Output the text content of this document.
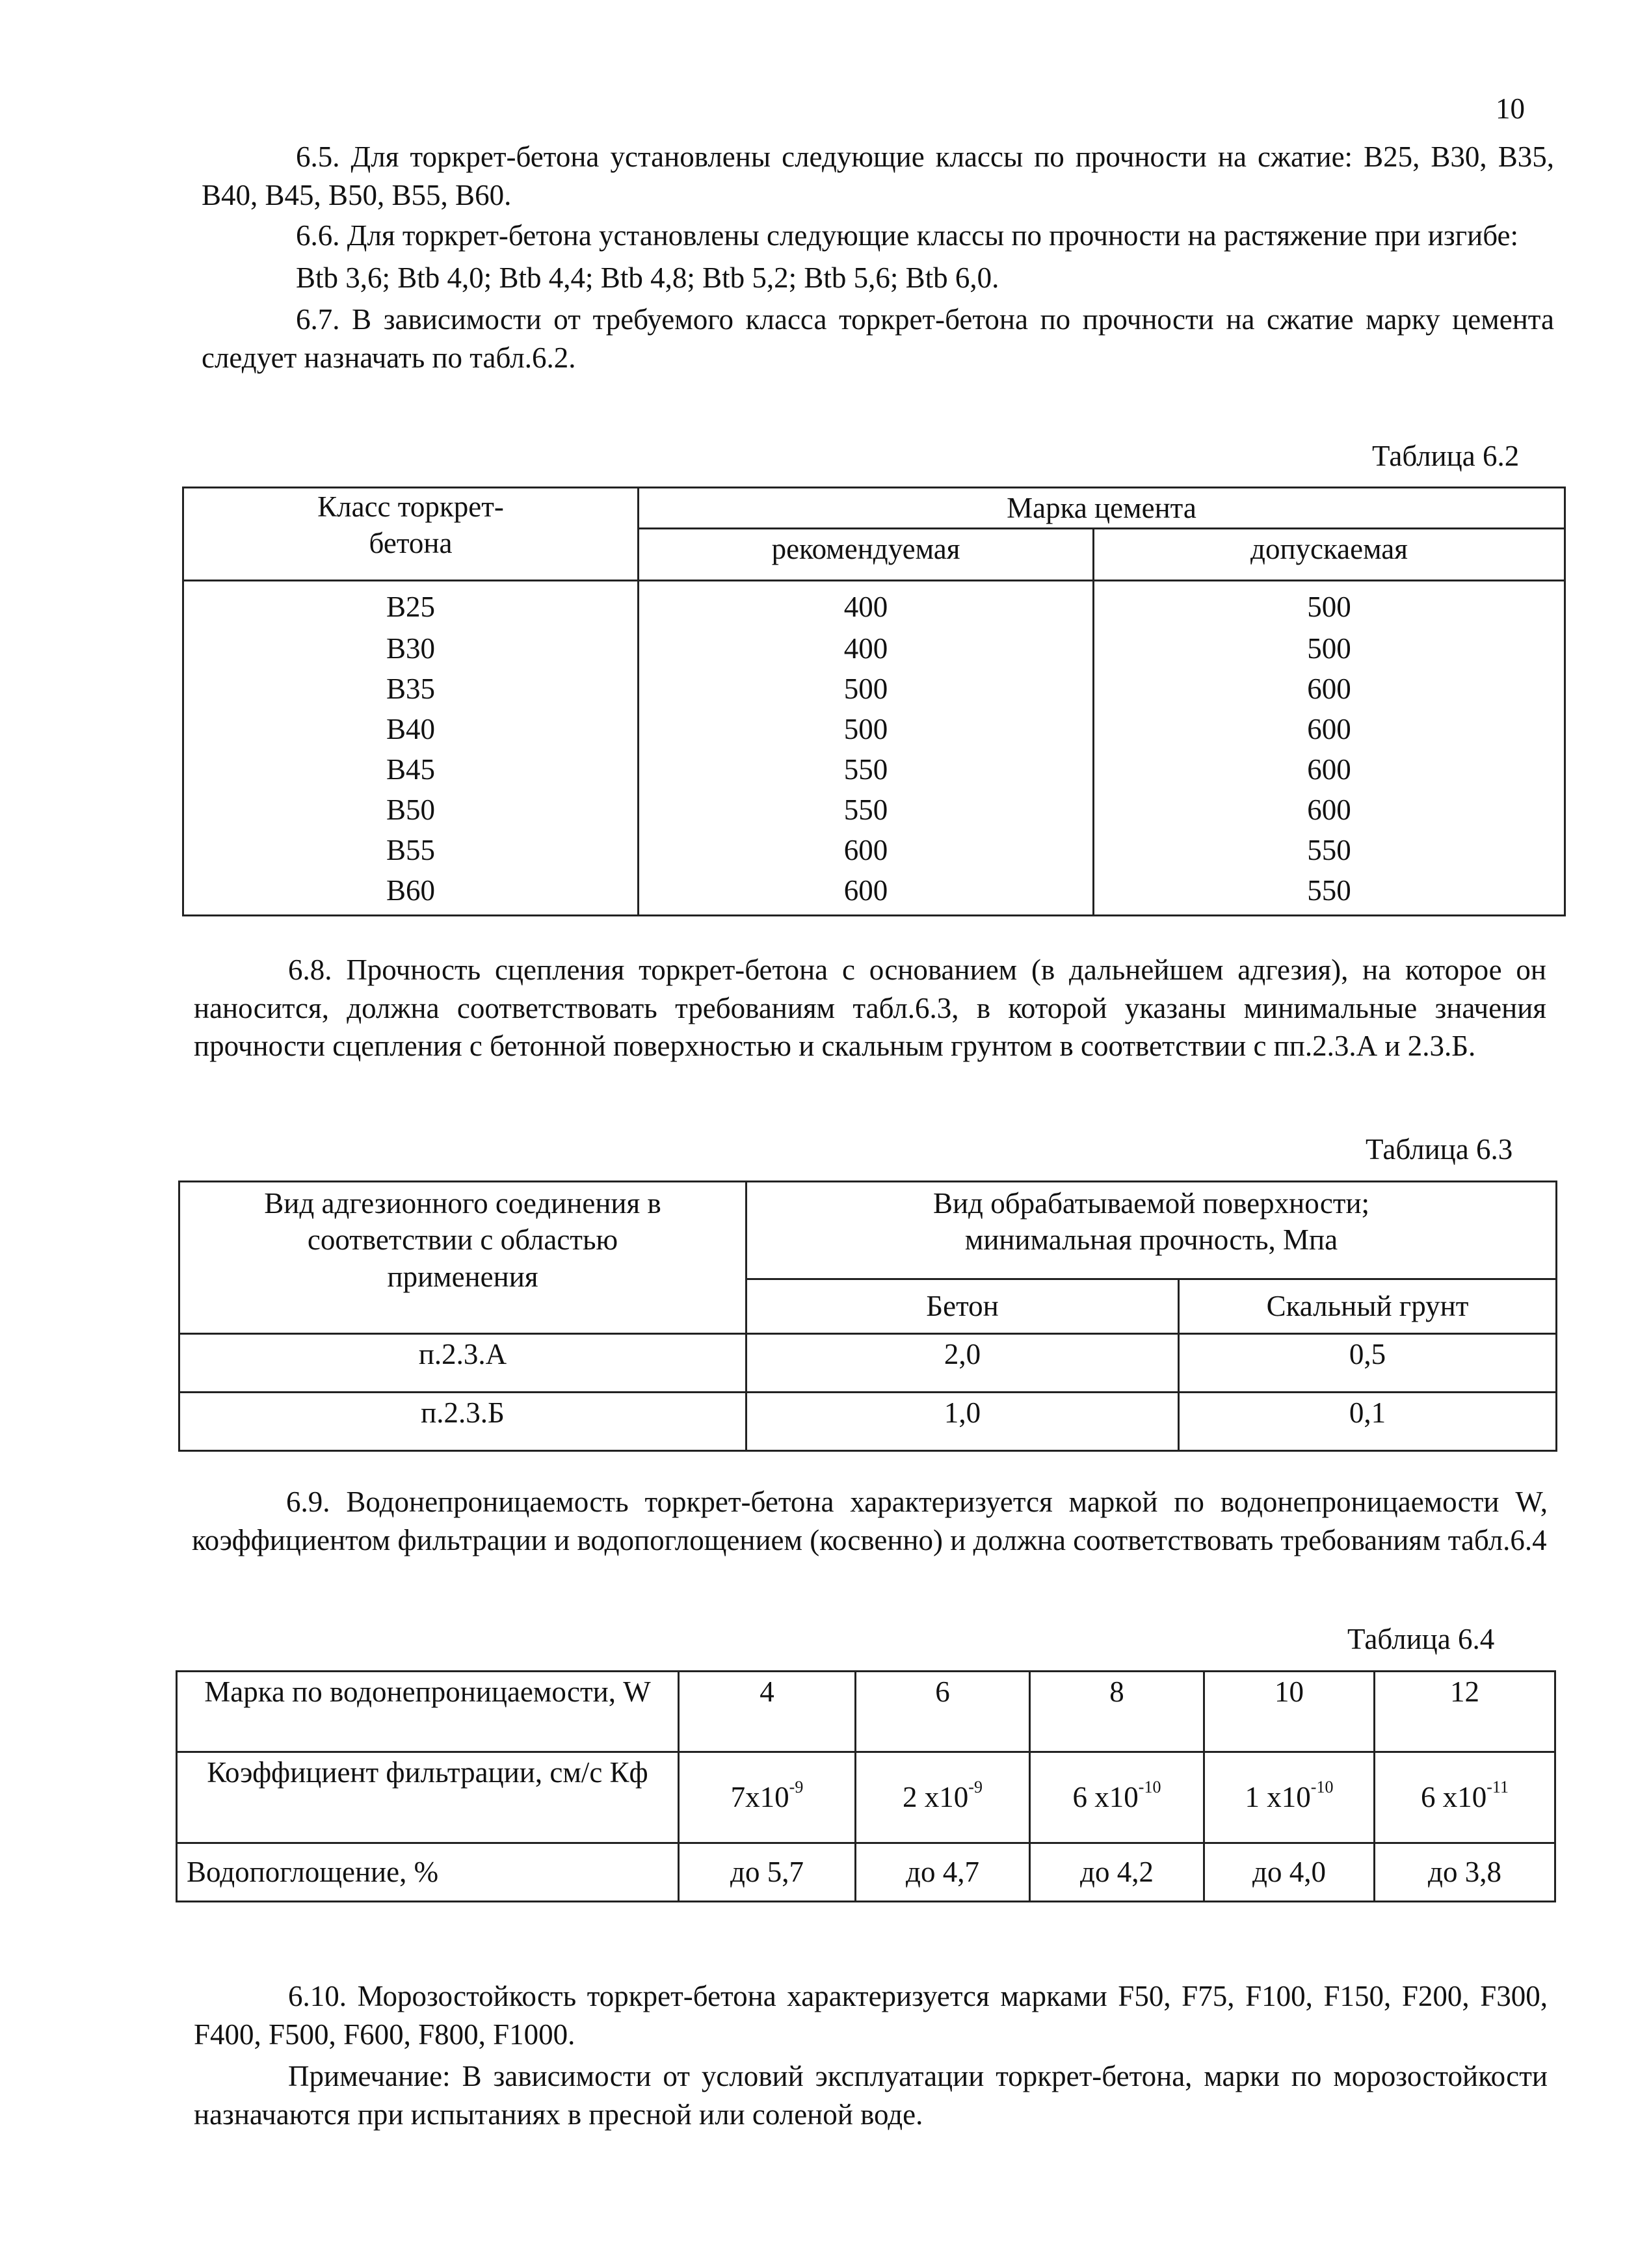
10

6.5. Для торкрет-бетона установлены следующие классы по прочности на сжатие: B25, B30, B35, B40, B45, B50, B55, B60.

6.6. Для торкрет-бетона установлены следующие классы по прочности на растяжение при изгибе:

Btb 3,6; Btb 4,0; Btb 4,4; Btb 4,8; Btb 5,2; Btb 5,6; Btb 6,0.

6.7. В зависимости от требуемого класса торкрет-бетона по прочности на сжатие марку цемента следует назначать по табл.6.2.

Таблица 6.2
Класс торкрет-бетона	Марка цемента	
	рекомендуемая	допускаемая
B25	400	500
B30	400	500
B35	500	600
B40	500	600
B45	550	600
B50	550	600
B55	600	550
B60	600	550

6.8. Прочность сцепления торкрет-бетона с основанием (в дальнейшем адгезия), на которое он наносится, должна соответствовать требованиям табл.6.3, в которой указаны минимальные значения прочности сцепления с бетонной поверхностью и скальным грунтом в соответствии с пп.2.3.А и 2.3.Б.

Таблица 6.3
Вид адгезионного соединения в соответствии с областью применения	Вид обрабатываемой поверхности; минимальная прочность, Мпа	

	Бетон	Скальный грунт
п.2.3.А	2,0	0,5
п.2.3.Б	1,0	0,1

6.9. Водонепроницаемость торкрет-бетона характеризуется маркой по водонепроницаемости W, коэффициентом фильтрации и водопоглощением (косвенно) и должна соответствовать требованиям табл.6.4

Таблица 6.4
Марка по водонепроницаемости, W	4	6	8	10	12

Коэффициент фильтрации, см/с Кф	$7x10^{-9}$	2 $x10^{-9}$	6 $x10^{-10}$	1 $x10^{-10}$	6 $x10^{-11}$
Водопоглощение, %	до 5,7	до 4,7	до 4,2	до 4,0	до 3,8

6.10. Морозостойкость торкрет-бетона характеризуется марками F50, F75, F100, F150, F200, F300, F400, F500, F600, F800, F1000.

Примечание: В зависимости от условий эксплуатации торкрет-бетона, марки по морозостойкости назначаются при испытаниях в пресной или соленой воде.
